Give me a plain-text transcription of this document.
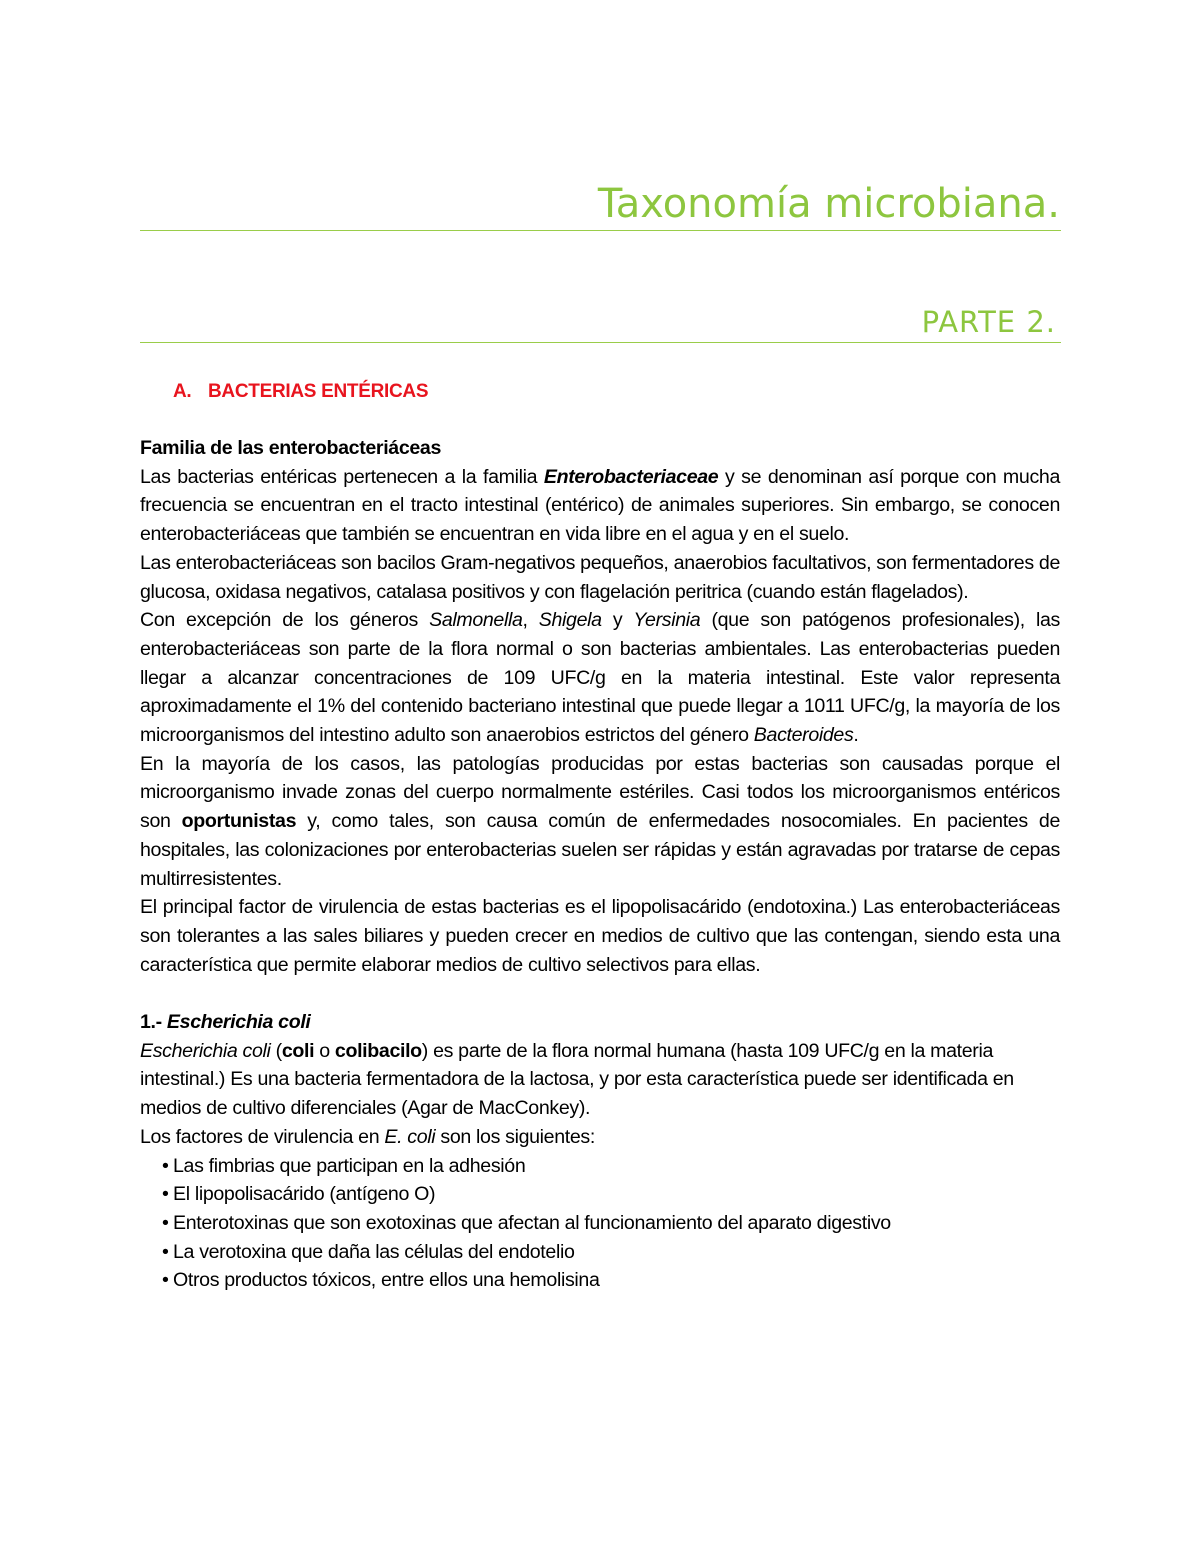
Taxonomía microbiana.
PARTE 2.
A. BACTERIAS ENTÉRICAS

Familia de las enterobacteriáceas

Las bacterias entéricas pertenecen a la familia Enterobacteriaceae y se denominan así porque con mucha frecuencia se encuentran en el tracto intestinal (entérico) de animales superiores. Sin embargo, se conocen enterobacteriáceas que también se encuentran en vida libre en el agua y en el suelo.

Las enterobacteriáceas son bacilos Gram-negativos pequeños, anaerobios facultativos, son fermentadores de glucosa, oxidasa negativos, catalasa positivos y con flagelación peritrica (cuando están flagelados).

Con excepción de los géneros Salmonella, Shigela y Yersinia (que son patógenos profesionales), las enterobacteriáceas son parte de la flora normal o son bacterias ambientales. Las enterobacterias pueden llegar a alcanzar concentraciones de 109 UFC/g en la materia intestinal. Este valor representa aproximadamente el 1% del contenido bacteriano intestinal que puede llegar a 1011 UFC/g, la mayoría de los microorganismos del intestino adulto son anaerobios estrictos del género Bacteroides.

En la mayoría de los casos, las patologías producidas por estas bacterias son causadas porque el microorganismo invade zonas del cuerpo normalmente estériles. Casi todos los microorganismos entéricos son oportunistas y, como tales, son causa común de enfermedades nosocomiales. En pacientes de hospitales, las colonizaciones por enterobacterias suelen ser rápidas y están agravadas por tratarse de cepas multirresistentes.

El principal factor de virulencia de estas bacterias es el lipopolisacárido (endotoxina.) Las enterobacteriáceas son tolerantes a las sales biliares y pueden crecer en medios de cultivo que las contengan, siendo esta una característica que permite elaborar medios de cultivo selectivos para ellas.

1.- Escherichia coli

Escherichia coli (coli o colibacilo) es parte de la flora normal humana (hasta 109 UFC/g en la materia intestinal.) Es una bacteria fermentadora de la lactosa, y por esta característica puede ser identificada en medios de cultivo diferenciales (Agar de MacConkey).

Los factores de virulencia en E. coli son los siguientes:

• Las fimbrias que participan en la adhesión
• El lipopolisacárido (antígeno O)
• Enterotoxinas que son exotoxinas que afectan al funcionamiento del aparato digestivo
• La verotoxina que daña las células del endotelio
• Otros productos tóxicos, entre ellos una hemolisina
